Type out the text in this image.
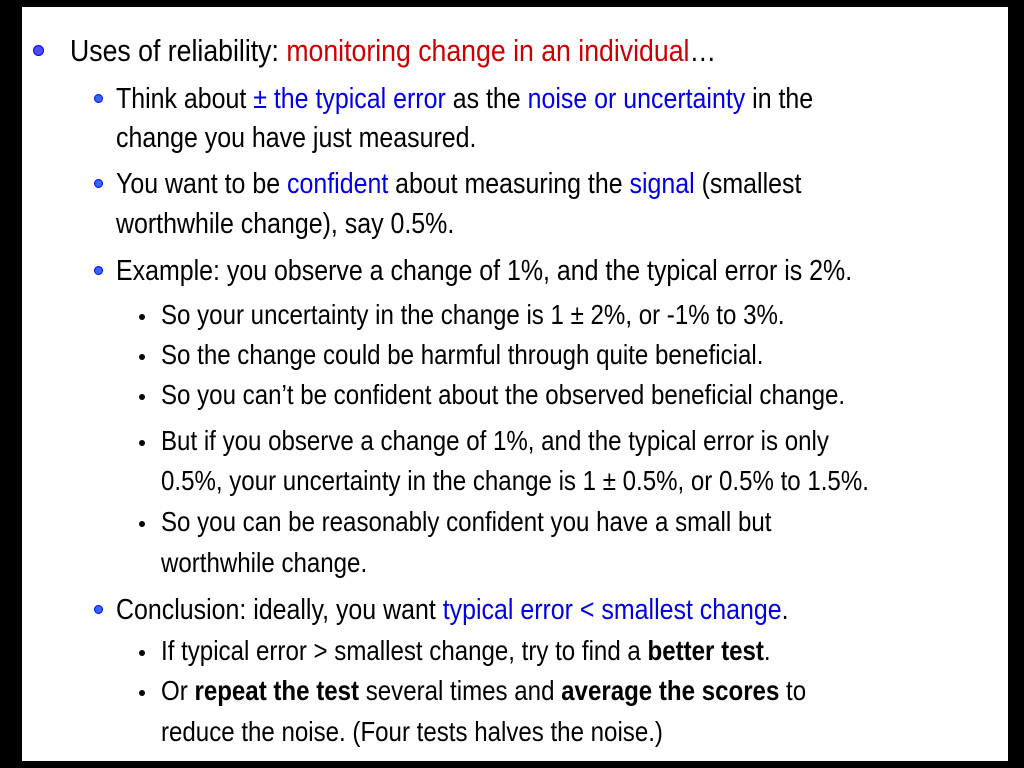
Uses of reliability: monitoring change in an individual…
Think about ± the typical error as the noise or uncertainty in the
change you have just measured.
You want to be confident about measuring the signal (smallest
worthwhile change), say 0.5%.
Example: you observe a change of 1%, and the typical error is 2%.
So your uncertainty in the change is 1 ± 2%, or -1% to 3%.
So the change could be harmful through quite beneficial.
So you can’t be confident about the observed beneficial change.
But if you observe a change of 1%, and the typical error is only
0.5%, your uncertainty in the change is 1 ± 0.5%, or 0.5% to 1.5%.
So you can be reasonably confident you have a small but
worthwhile change.
Conclusion: ideally, you want typical error < smallest change.
If typical error > smallest change, try to find a better test.
Or repeat the test several times and average the scores to
reduce the noise. (Four tests halves the noise.)
